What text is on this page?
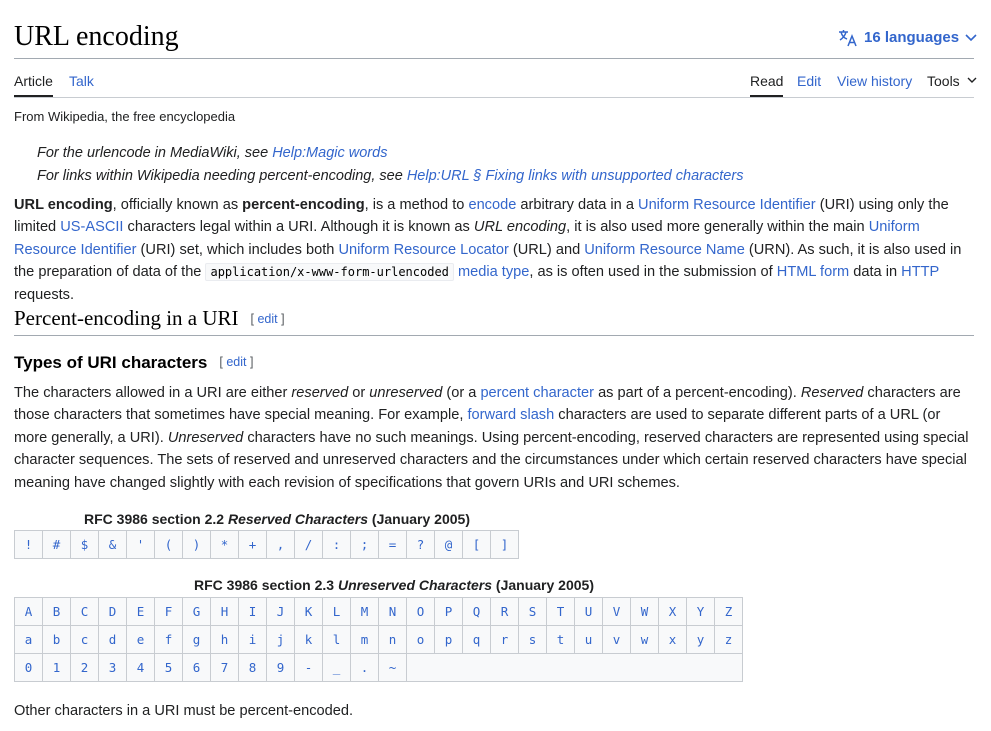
URL encoding	16 languages
Article Talk	Read Edit View history Tools
From Wikipedia, the free encyclopedia
For the urlencode in MediaWiki, see Help:Magic words
For links within Wikipedia needing percent-encoding, see Help:URL § Fixing links with unsupported characters

URL encoding, officially known as percent-encoding, is a method to encode arbitrary data in a Uniform Resource Identifier (URI) using only the limited US-ASCII characters legal within a URI. Although it is known as URL encoding, it is also used more generally within the main Uniform Resource Identifier (URI) set, which includes both Uniform Resource Locator (URL) and Uniform Resource Name (URN). As such, it is also used in the preparation of data of the application/x-www-form-urlencoded media type, as is often used in the submission of HTML form data in HTTP requests.

Percent-encoding in a URI [ edit ]
Types of URI characters [ edit ]

The characters allowed in a URI are either reserved or unreserved (or a percent character as part of a percent-encoding). Reserved characters are those characters that sometimes have special meaning. For example, forward slash characters are used to separate different parts of a URL (or more generally, a URI). Unreserved characters have no such meanings. Using percent-encoding, reserved characters are represented using special character sequences. The sets of reserved and unreserved characters and the circumstances under which certain reserved characters have special meaning have changed slightly with each revision of specifications that govern URIs and URI schemes.

RFC 3986 section 2.2 Reserved Characters (January 2005)
!	#	$	&	'	(	)	*	+	,	/	:	;	=	?	@	[	]
RFC 3986 section 2.3 Unreserved Characters (January 2005)
A	B	C	D	E	F	G	H	I	J	K	L	M	N	O	P	Q	R	S	T	U	V	W	X	Y	Z
a	b	c	d	e	f	g	h	i	j	k	l	m	n	o	p	q	r	s	t	u	v	w	x	y	z
0	1	2	3	4	5	6	7	8	9	-	_	.	~												
Other characters in a URI must be percent-encoded.
